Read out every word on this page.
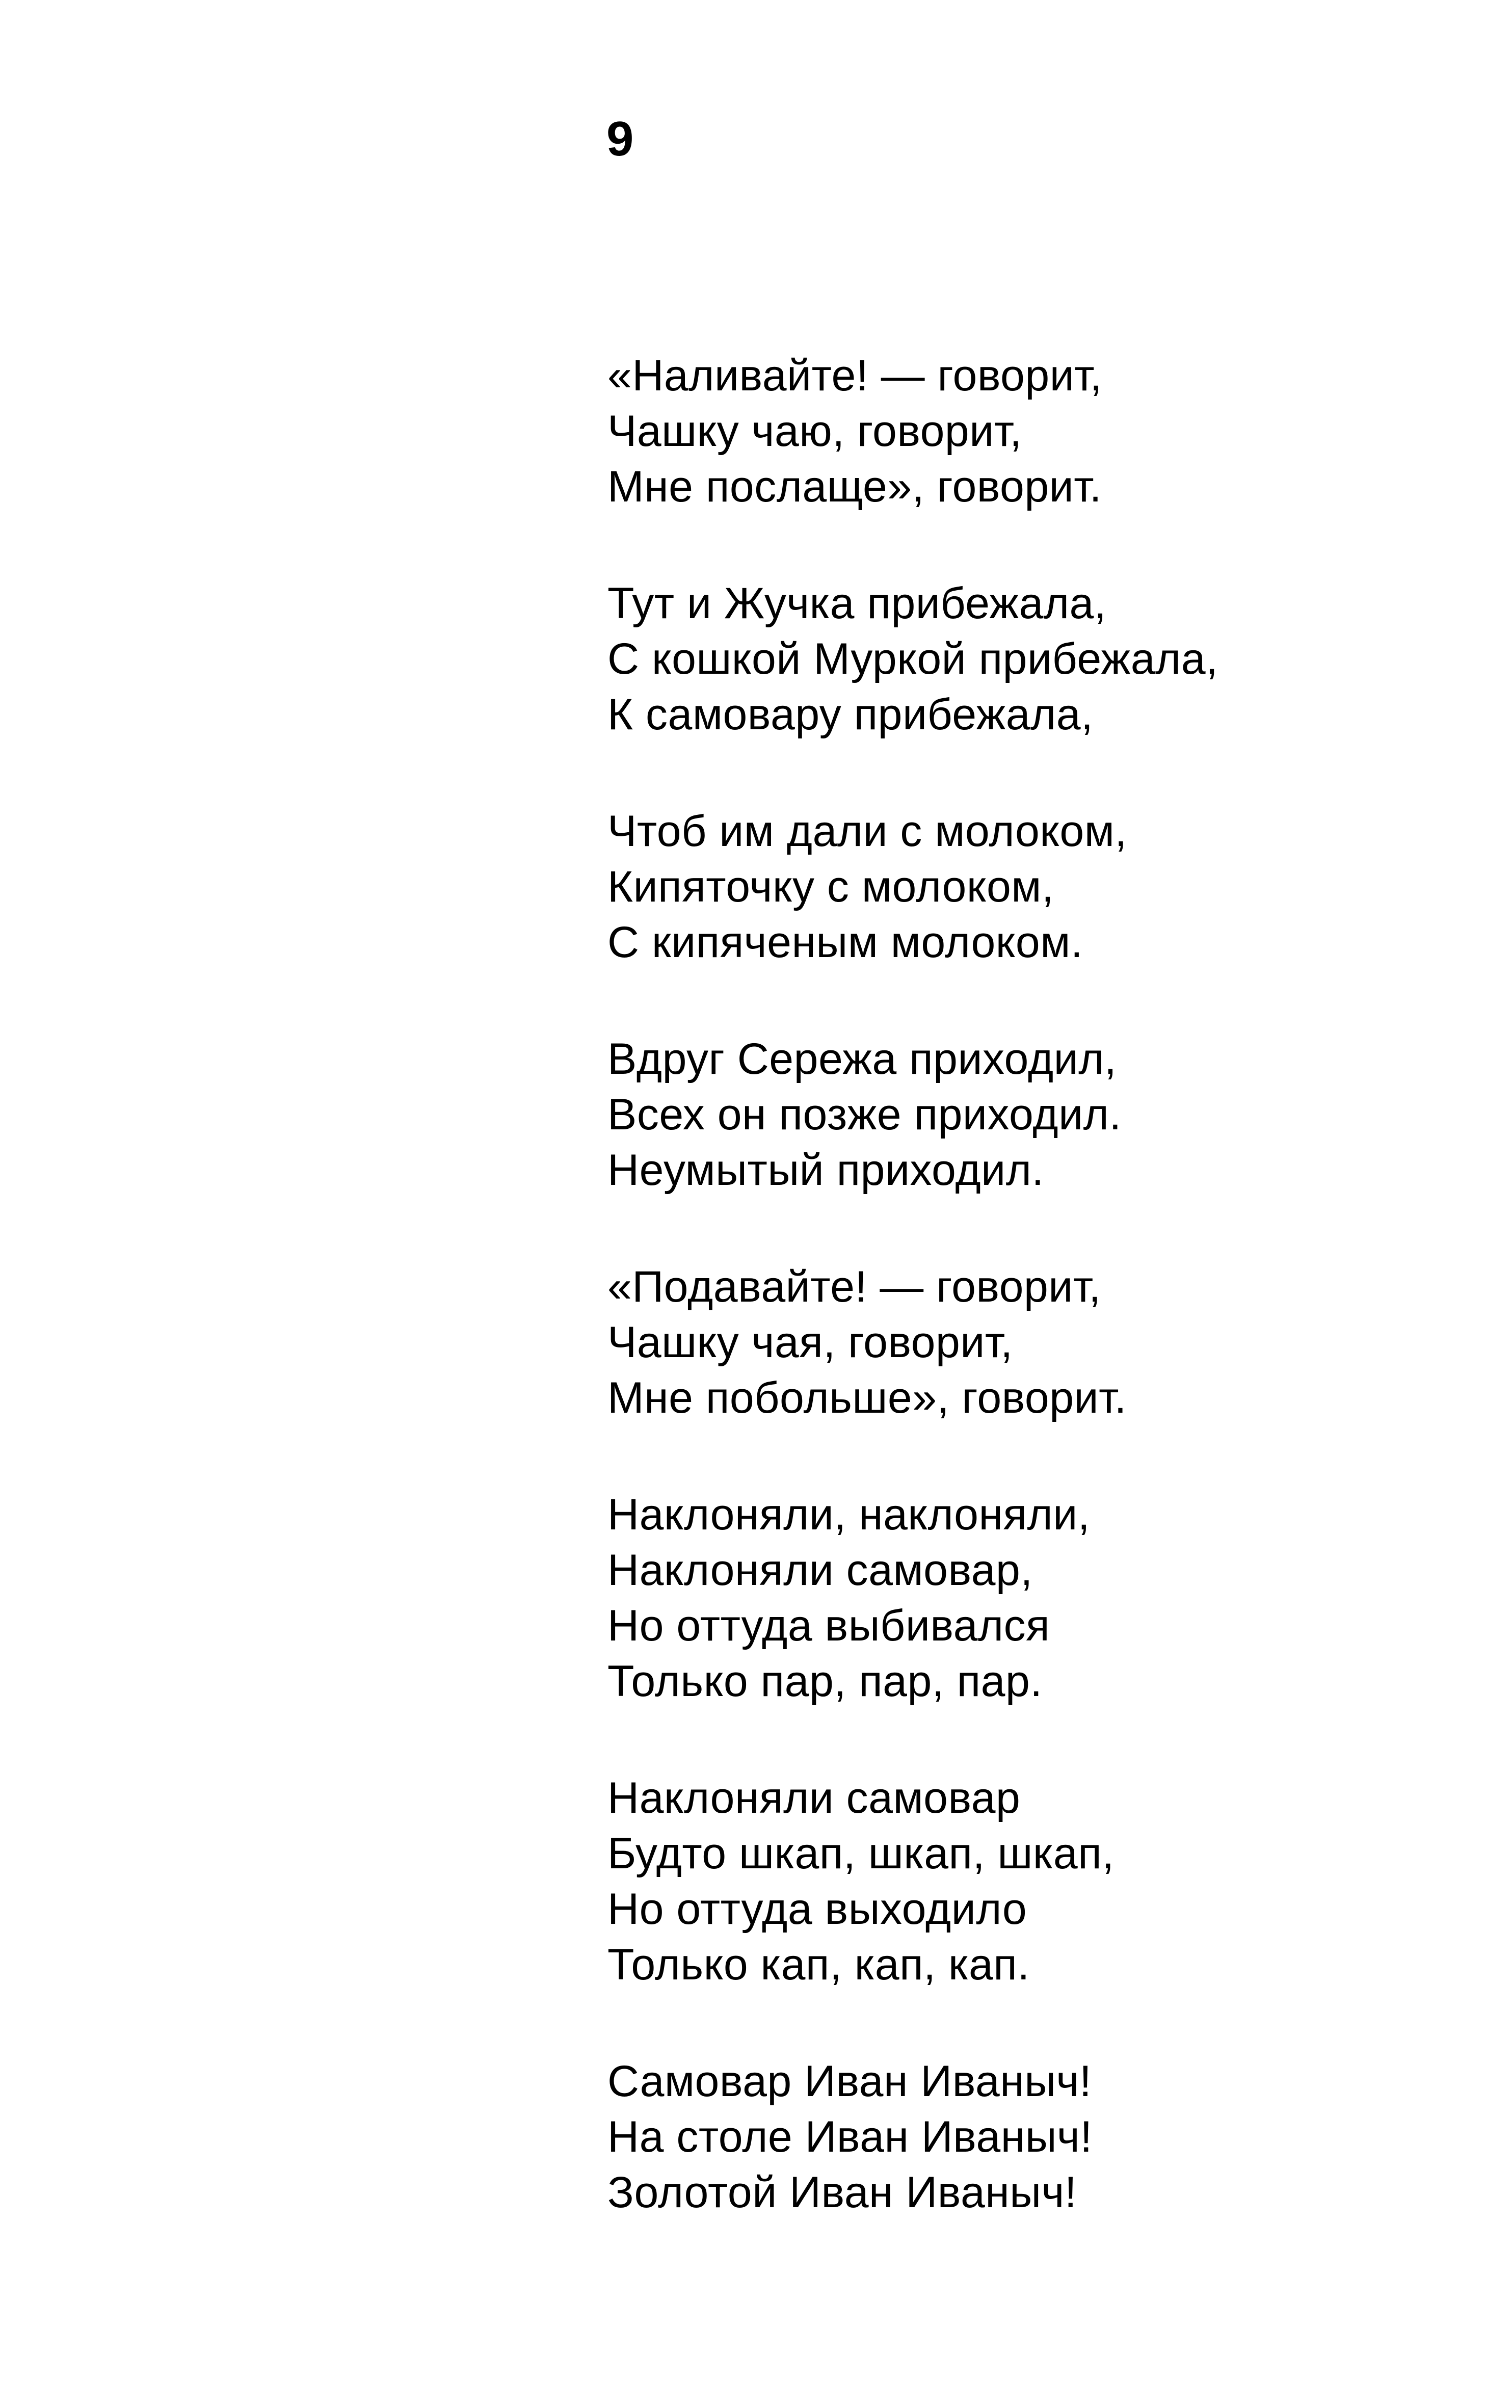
9
«Наливайте! — говорит,
Чашку чаю, говорит,
Мне послаще», говорит.
Тут и Жучка прибежала,
С кошкой Муркой прибежала,
К самовару прибежала,
Чтоб им дали с молоком,
Кипяточку с молоком,
С кипяченым молоком.
Вдруг Сережа приходил,
Всех он позже приходил.
Неумытый приходил.
«Подавайте! — говорит,
Чашку чая, говорит,
Мне побольше», говорит.
Наклоняли, наклоняли,
Наклоняли самовар,
Но оттуда выбивался
Только пар, пар, пар.
Наклоняли самовар
Будто шкап, шкап, шкап,
Но оттуда выходило
Только кап, кап, кап.
Самовар Иван Иваныч!
На столе Иван Иваныч!
Золотой Иван Иваныч!
